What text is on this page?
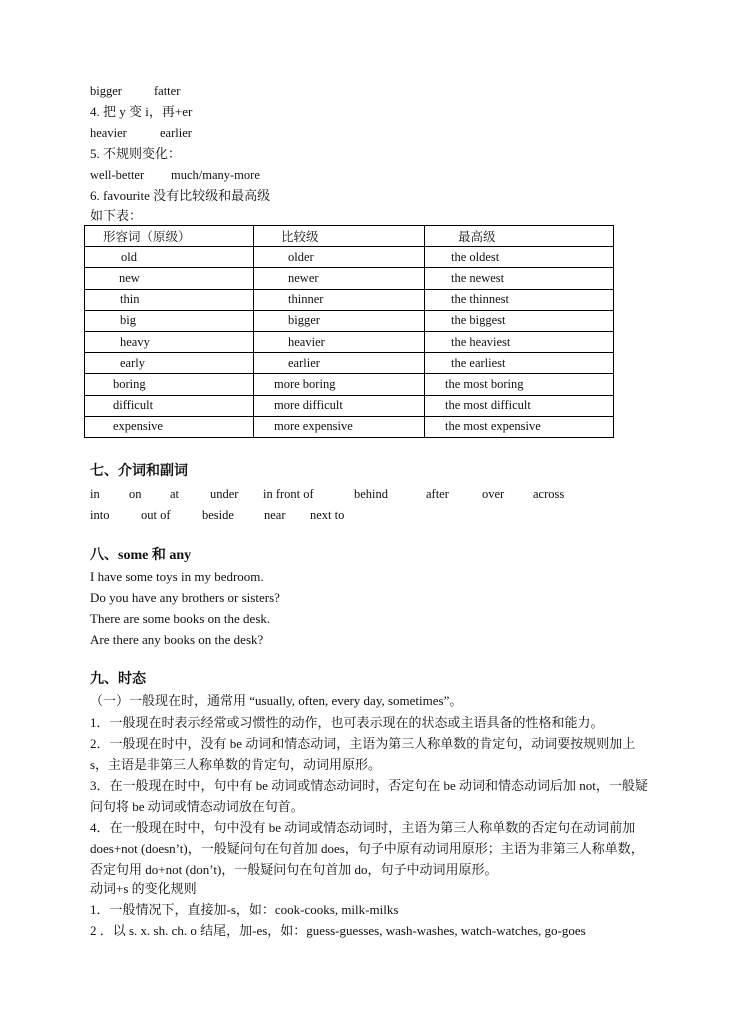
bigger	fatter
4. 把 y 变 i，再+er
heavier	earlier
5. 不规则变化：
well-better much/many-more
6. favourite 没有比较级和最高级
如下表：
形容词（原级）	比较级	最高级
old	older	the oldest
new	newer	the newest
thin	thinner	the thinnest
big	bigger	the biggest
heavy	heavier	the heaviest
early	earlier	the earliest
boring	more boring	the most boring
difficult	more difficult	the most difficult
expensive	more expensive	the most expensive
七、介词和副词
in on at under in front of	behind	after	over across
into	out of	beside near next to
八、some 和 any
I have some toys in my bedroom.
Do you have any brothers or sisters?
There are some books on the desk.
Are there any books on the desk?
九、时态
（一）一般现在时，通常用 “usually, often, every day, sometimes”。
1．一般现在时表示经常或习惯性的动作，也可表示现在的状态或主语具备的性格和能力。
2．一般现在时中，没有 be 动词和情态动词，主语为第三人称单数的肯定句，动词要按规则加上 s，主语是非第三人称单数的肯定句，动词用原形。
3．在一般现在时中，句中有 be 动词或情态动词时，否定句在 be 动词和情态动词后加 not，一般疑问句将 be 动词或情态动词放在句首。
4．在一般现在时中，句中没有 be 动词或情态动词时，主语为第三人称单数的否定句在动词前加 does+not (doesn’t)，一般疑问句在句首加 does，句子中原有动词用原形；主语为非第三人称单数，否定句用 do+not (don’t)，一般疑问句在句首加 do，句子中动词用原形。
动词+s 的变化规则
1．一般情况下，直接加-s，如：cook-cooks, milk-milks
2 ．以 s. x. sh. ch. o 结尾，加-es，如：guess-guesses, wash-washes, watch-watches, go-goes
